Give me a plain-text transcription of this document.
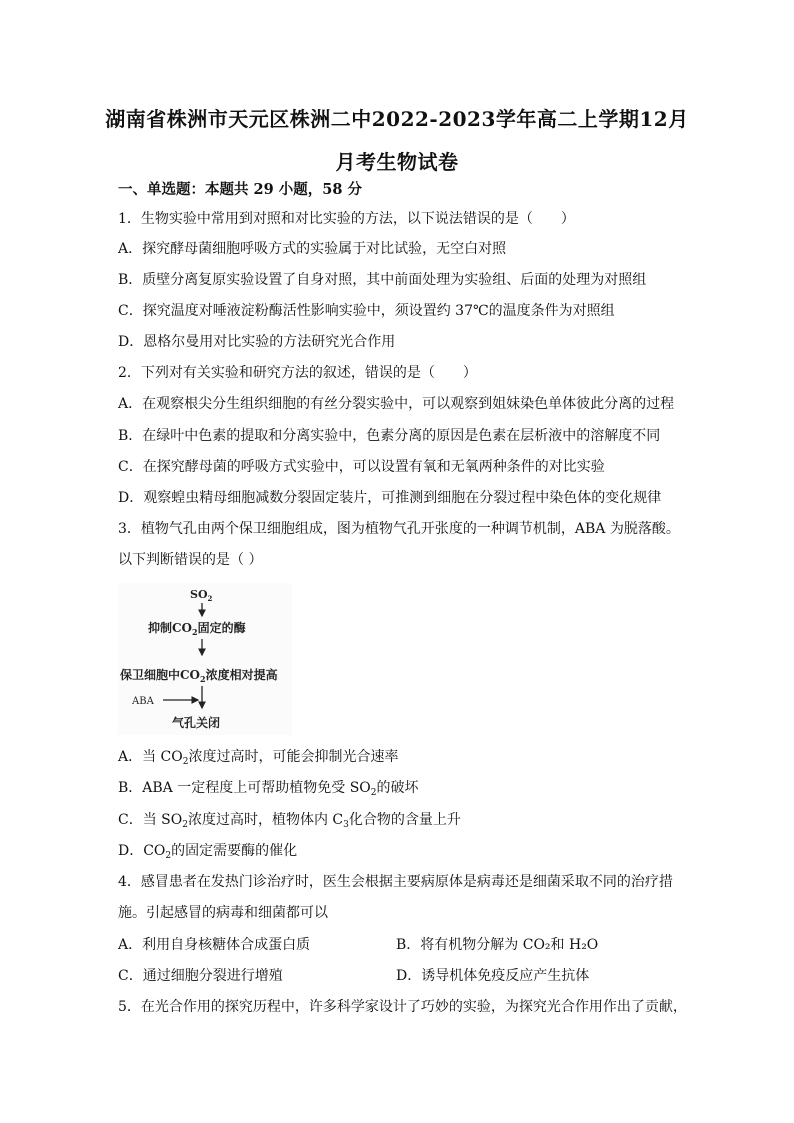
湖南省株洲市天元区株洲二中2022-2023学年高二上学期12月
月考生物试卷
一、单选题：本题共 29 小题，58 分
1．生物实验中常用到对照和对比实验的方法，以下说法错误的是（　　）
A．探究酵母菌细胞呼吸方式的实验属于对比试验，无空白对照
B．质壁分离复原实验设置了自身对照，其中前面处理为实验组、后面的处理为对照组
C．探究温度对唾液淀粉酶活性影响实验中，须设置约 37℃的温度条件为对照组
D．恩格尔曼用对比实验的方法研究光合作用
2．下列对有关实验和研究方法的叙述，错误的是（　　）
A．在观察根尖分生组织细胞的有丝分裂实验中，可以观察到姐妹染色单体彼此分离的过程
B．在绿叶中色素的提取和分离实验中，色素分离的原因是色素在层析液中的溶解度不同
C．在探究酵母菌的呼吸方式实验中，可以设置有氧和无氧两种条件的对比实验
D．观察蝗虫精母细胞减数分裂固定装片，可推测到细胞在分裂过程中染色体的变化规律
3．植物气孔由两个保卫细胞组成，图为植物气孔开张度的一种调节机制，ABA 为脱落酸。
以下判断错误的是（ ）
$SO_2$
抑制$CO_2$固定的酶
保卫细胞中$CO_2$浓度相对提高
ABA
气孔关闭
A．当 $CO_2$浓度过高时，可能会抑制光合速率
B．ABA 一定程度上可帮助植物免受 $SO_2$的破坏
C．当 $SO_2$浓度过高时，植物体内 $C_3$化合物的含量上升
D．$CO_2$的固定需要酶的催化
4．感冒患者在发热门诊治疗时，医生会根据主要病原体是病毒还是细菌采取不同的治疗措
施。引起感冒的病毒和细菌都可以
A．利用自身核糖体合成蛋白质	B．将有机物分解为 CO₂和 H₂O
C．通过细胞分裂进行增殖	D．诱导机体免疫反应产生抗体
5．在光合作用的探究历程中，许多科学家设计了巧妙的实验，为探究光合作用作出了贡献，
